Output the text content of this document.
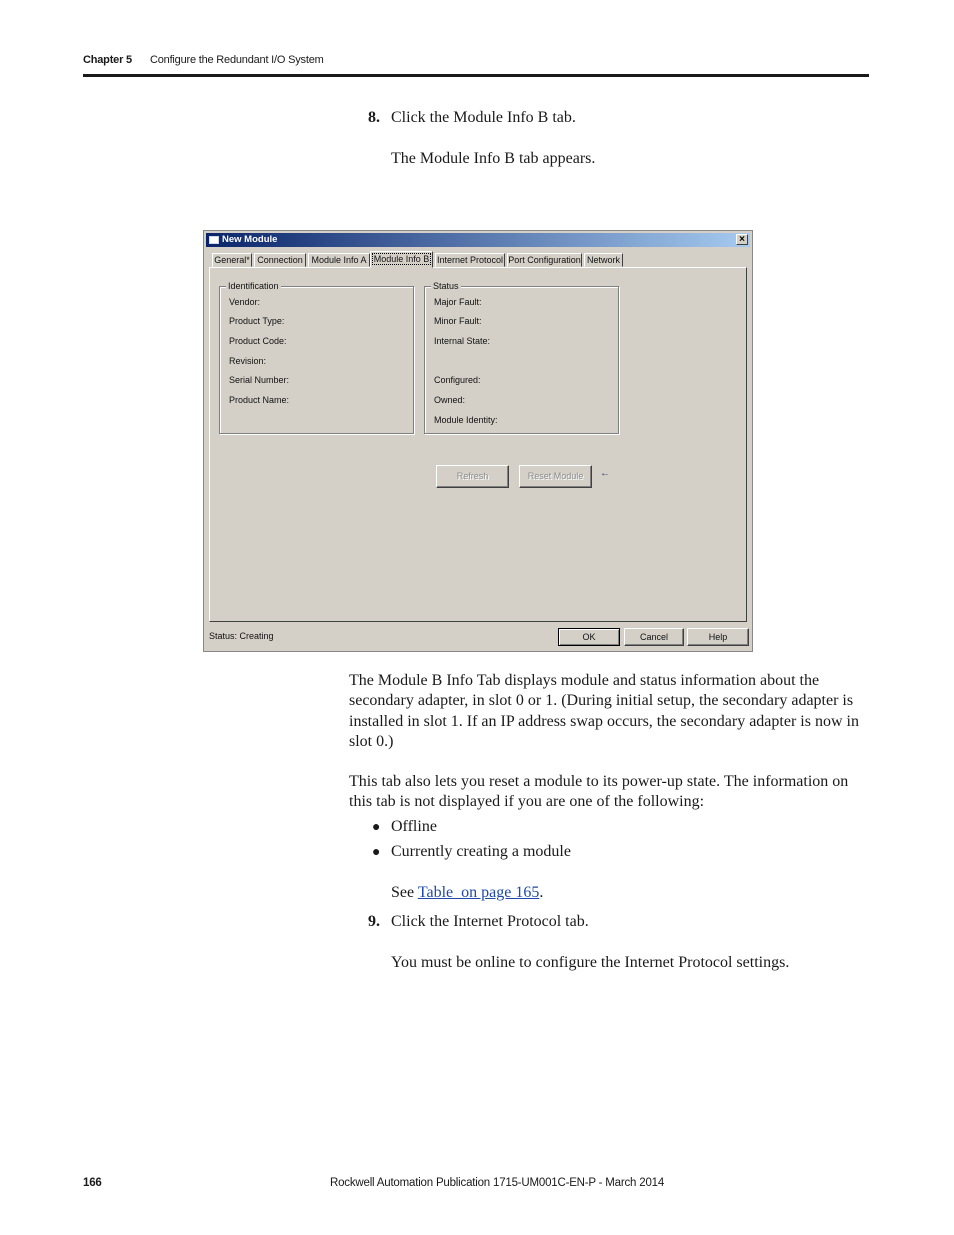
Chapter 5 Configure the Redundant I/O System
8. Click the Module Info B tab.
The Module Info B tab appears.
New Module	×
General* Connection Module Info A Module Info B Internet Protocol Port Configuration Network
Identification
Vendor:
Product Type:
Product Code:
Revision:
Serial Number:
Product Name:
Status
Major Fault:
Minor Fault:
Internal State:
Configured:
Owned:
Module Identity:
Refresh	Reset Module	←
Status: Creating	OK	Cancel	Help
The Module B Info Tab displays module and status information about the
secondary adapter, in slot 0 or 1. (During initial setup, the secondary adapter is
installed in slot 1. If an IP address swap occurs, the secondary adapter is now in
slot 0.)
This tab also lets you reset a module to its power-up state. The information on
this tab is not displayed if you are one of the following:
● Offline
● Currently creating a module
See Table  on page 165.
9. Click the Internet Protocol tab.
You must be online to configure the Internet Protocol settings.
166	Rockwell Automation Publication 1715-UM001C-EN-P - March 2014
